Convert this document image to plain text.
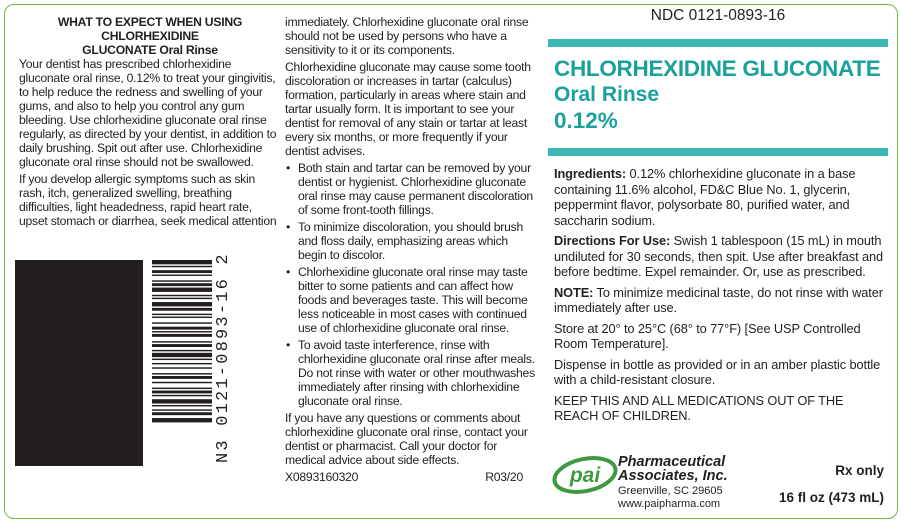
WHAT TO EXPECT WHEN USING CHLORHEXIDINE
GLUCONATE Oral Rinse

Your dentist has prescribed chlorhexidine gluconate oral rinse, 0.12% to treat your gingivitis, to help reduce the redness and swelling of your gums, and also to help you control any gum bleeding. Use chlorhexidine gluconate oral rinse regularly, as directed by your dentist, in addition to daily brushing. Spit out after use. Chlorhexidine gluconate oral rinse should not be swallowed.

If you develop allergic symptoms such as skin rash, itch, generalized swelling, breathing difficulties, light headedness, rapid heart rate, upset stomach or diarrhea, seek medical attention

N3 0121-0893-16 2

immediately. Chlorhexidine gluconate oral rinse should not be used by persons who have a sensitivity to it or its components.

Chlorhexidine gluconate may cause some tooth discoloration or increases in tartar (calculus) formation, particularly in areas where stain and tartar usually form. It is important to see your dentist for removal of any stain or tartar at least every six months, or more frequently if your dentist advises.

• Both stain and tartar can be removed by your dentist or hygienist. Chlorhexidine gluconate oral rinse may cause permanent discoloration of some front-tooth fillings.
• To minimize discoloration, you should brush and floss daily, emphasizing areas which begin to discolor.
• Chlorhexidine gluconate oral rinse may taste bitter to some patients and can affect how foods and beverages taste. This will become less noticeable in most cases with continued use of chlorhexidine gluconate oral rinse.
• To avoid taste interference, rinse with chlorhexidine gluconate oral rinse after meals. Do not rinse with water or other mouthwashes immediately after rinsing with chlorhexidine gluconate oral rinse.

If you have any questions or comments about chlorhexidine gluconate oral rinse, contact your dentist or pharmacist. Call your doctor for medical advice about side effects.

X0893160320	R03/20
NDC 0121-0893-16
CHLORHEXIDINE GLUCONATE
Oral Rinse
0.12%

Ingredients: 0.12% chlorhexidine gluconate in a base containing 11.6% alcohol, FD&C Blue No. 1, glycerin, peppermint flavor, polysorbate 80, purified water, and saccharin sodium.

Directions For Use: Swish 1 tablespoon (15 mL) in mouth undiluted for 30 seconds, then spit. Use after breakfast and before bedtime. Expel remainder. Or, use as prescribed.

NOTE: To minimize medicinal taste, do not rinse with water immediately after use.

Store at 20° to 25°C (68° to 77°F) [See USP Controlled Room Temperature].

Dispense in bottle as provided or in an amber plastic bottle with a child-resistant closure.

KEEP THIS AND ALL MEDICATIONS OUT OF THE REACH OF CHILDREN.

pai
Pharmaceutical
Associates, Inc.
Greenville, SC 29605
www.paipharma.com
Rx only
16 fl oz (473 mL)
